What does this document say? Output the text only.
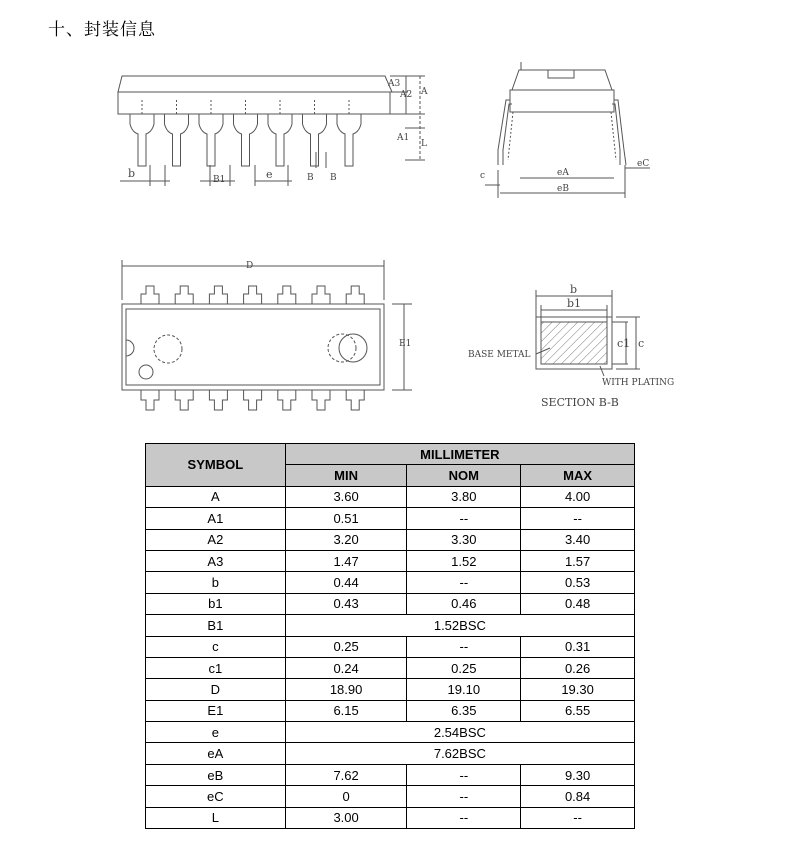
十、封装信息
A3
A2 A
A1
L
b	B1	e	B B	eA
eB
eC
c
D
E1
b
b1
c1 c
BASE METAL
WITH PLATING
SECTION B-B
SYMBOL	MILLIMETER		
	MIN	NOM	MAX
A	3.60	3.80	4.00
A1	0.51	--	--
A2	3.20	3.30	3.40
A3	1.47	1.52	1.57
b	0.44	--	0.53
b1	0.43	0.46	0.48
B1	1.52BSC		
c	0.25	--	0.31
c1	0.24	0.25	0.26
D	18.90	19.10	19.30
E1	6.15	6.35	6.55
e	2.54BSC		
eA	7.62BSC		
eB	7.62	--	9.30
eC	0	--	0.84
L	3.00	--	--
